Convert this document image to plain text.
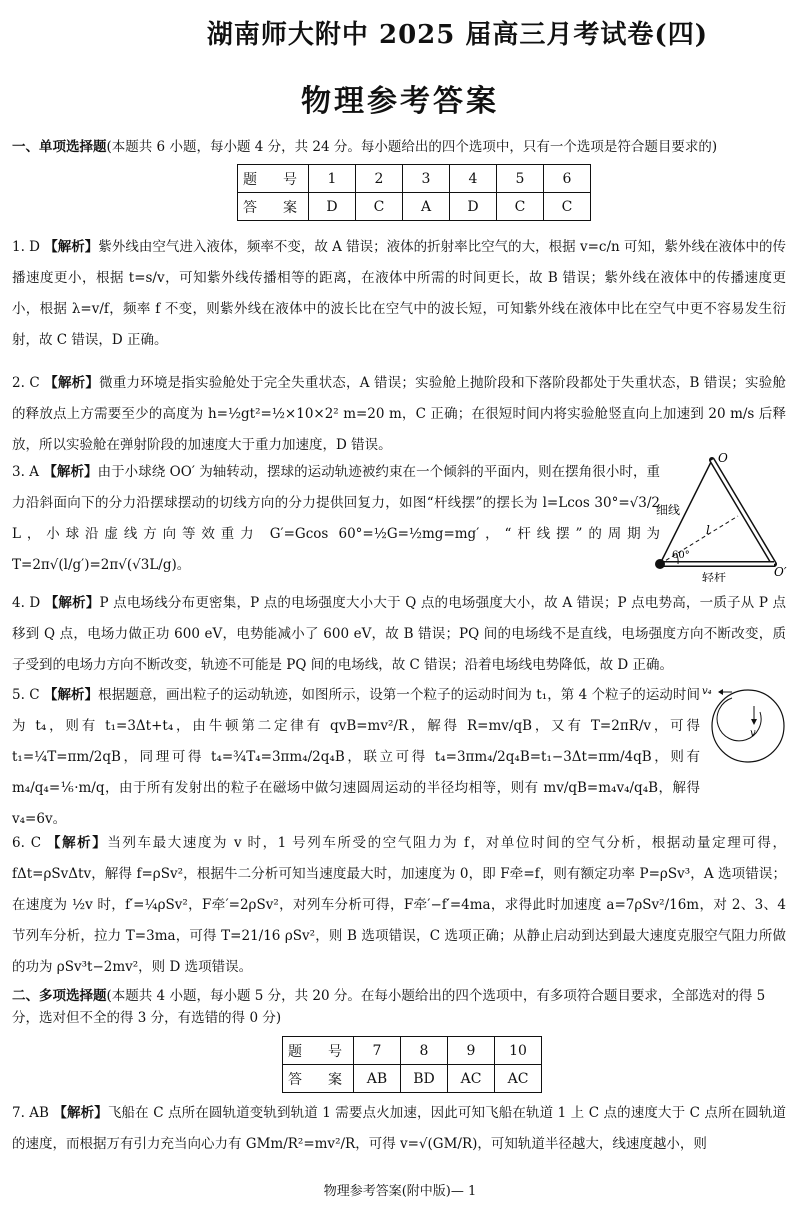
湖南师大附中 2025 届高三月考试卷(四)
物理参考答案
一、单项选择题(本题共 6 小题，每小题 4 分，共 24 分。每小题给出的四个选项中，只有一个选项是符合题目要求的)
题　号	1	2	3	4	5	6
答　案	D	C	A	D	C	C
1. D 【解析】紫外线由空气进入液体，频率不变，故 A 错误；液体的折射率比空气的大，根据 v=c/n 可知，紫外线在液体中的传播速度更小，根据 t=s/v，可知紫外线传播相等的距离，在液体中所需的时间更长，故 B 错误；紫外线在液体中的传播速度更小，根据 λ=v/f，频率 f 不变，则紫外线在液体中的波长比在空气中的波长短，可知紫外线在液体中比在空气中更不容易发生衍射，故 C 错误，D 正确。
2. C 【解析】微重力环境是指实验舱处于完全失重状态，A 错误；实验舱上抛阶段和下落阶段都处于失重状态，B 错误；实验舱的释放点上方需要至少的高度为 h=½gt²=½×10×2² m=20 m，C 正确；在很短时间内将实验舱竖直向上加速到 20 m/s 后释放，所以实验舱在弹射阶段的加速度大于重力加速度，D 错误。
3. A 【解析】由于小球绕 OO′ 为轴转动，摆球的运动轨迹被约束在一个倾斜的平面内，则在摆角很小时，重力沿斜面向下的分力沿摆球摆动的切线方向的分力提供回复力，如图“杆线摆”的摆长为 l=Lcos 30°=√3/2 L，小球沿虚线方向等效重力 G′=Gcos 60°=½G=½mg=mg′，“杆线摆”的周期为 T=2π√(l/g′)=2π√(√3L/g)。
O
O′
细线
轻杆
l
60°
4. D 【解析】P 点电场线分布更密集，P 点的电场强度大小大于 Q 点的电场强度大小，故 A 错误；P 点电势高，一质子从 P 点移到 Q 点，电场力做正功 600 eV，电势能减小了 600 eV，故 B 错误；PQ 间的电场线不是直线，电场强度方向不断改变，质子受到的电场力方向不断改变，轨迹不可能是 PQ 间的电场线，故 C 错误；沿着电场线电势降低，故 D 正确。
5. C 【解析】根据题意，画出粒子的运动轨迹，如图所示，设第一个粒子的运动时间为 t₁，第 4 个粒子的运动时间为 t₄，则有 t₁=3Δt+t₄，由牛顿第二定律有 qvB=mv²/R，解得 R=mv/qB，又有 T=2πR/v，可得 t₁=¼T=πm/2qB，同理可得 t₄=¾T₄=3πm₄/2q₄B，联立可得 t₄=3πm₄/2q₄B=t₁−3Δt=πm/4qB，则有 m₄/q₄=⅙·m/q，由于所有发射出的粒子在磁场中做匀速圆周运动的半径均相等，则有 mv/qB=m₄v₄/q₄B，解得 v₄=6v。
v₄
v
6. C 【解析】当列车最大速度为 v 时，1 号列车所受的空气阻力为 f，对单位时间的空气分析，根据动量定理可得，fΔt=ρSvΔtv，解得 f=ρSv²，根据牛二分析可知当速度最大时，加速度为 0，即 F牵=f，则有额定功率 P=ρSv³，A 选项错误；在速度为 ½v 时，f′=¼ρSv²，F牵′=2ρSv²，对列车分析可得，F牵′−f′=4ma，求得此时加速度 a=7ρSv²/16m，对 2、3、4 节列车分析，拉力 T=3ma，可得 T=21/16 ρSv²，则 B 选项错误，C 选项正确；从静止启动到达到最大速度克服空气阻力所做的功为 ρSv³t−2mv²，则 D 选项错误。
二、多项选择题(本题共 4 小题，每小题 5 分，共 20 分。在每小题给出的四个选项中，有多项符合题目要求，全部选对的得 5 分，选对但不全的得 3 分，有选错的得 0 分)
题　号	7	8	9	10
答　案	AB	BD	AC	AC
7. AB 【解析】飞船在 C 点所在圆轨道变轨到轨道 1 需要点火加速，因此可知飞船在轨道 1 上 C 点的速度大于 C 点所在圆轨道的速度，而根据万有引力充当向心力有 GMm/R²=mv²/R，可得 v=√(GM/R)，可知轨道半径越大，线速度越小，则
物理参考答案(附中版)— 1
